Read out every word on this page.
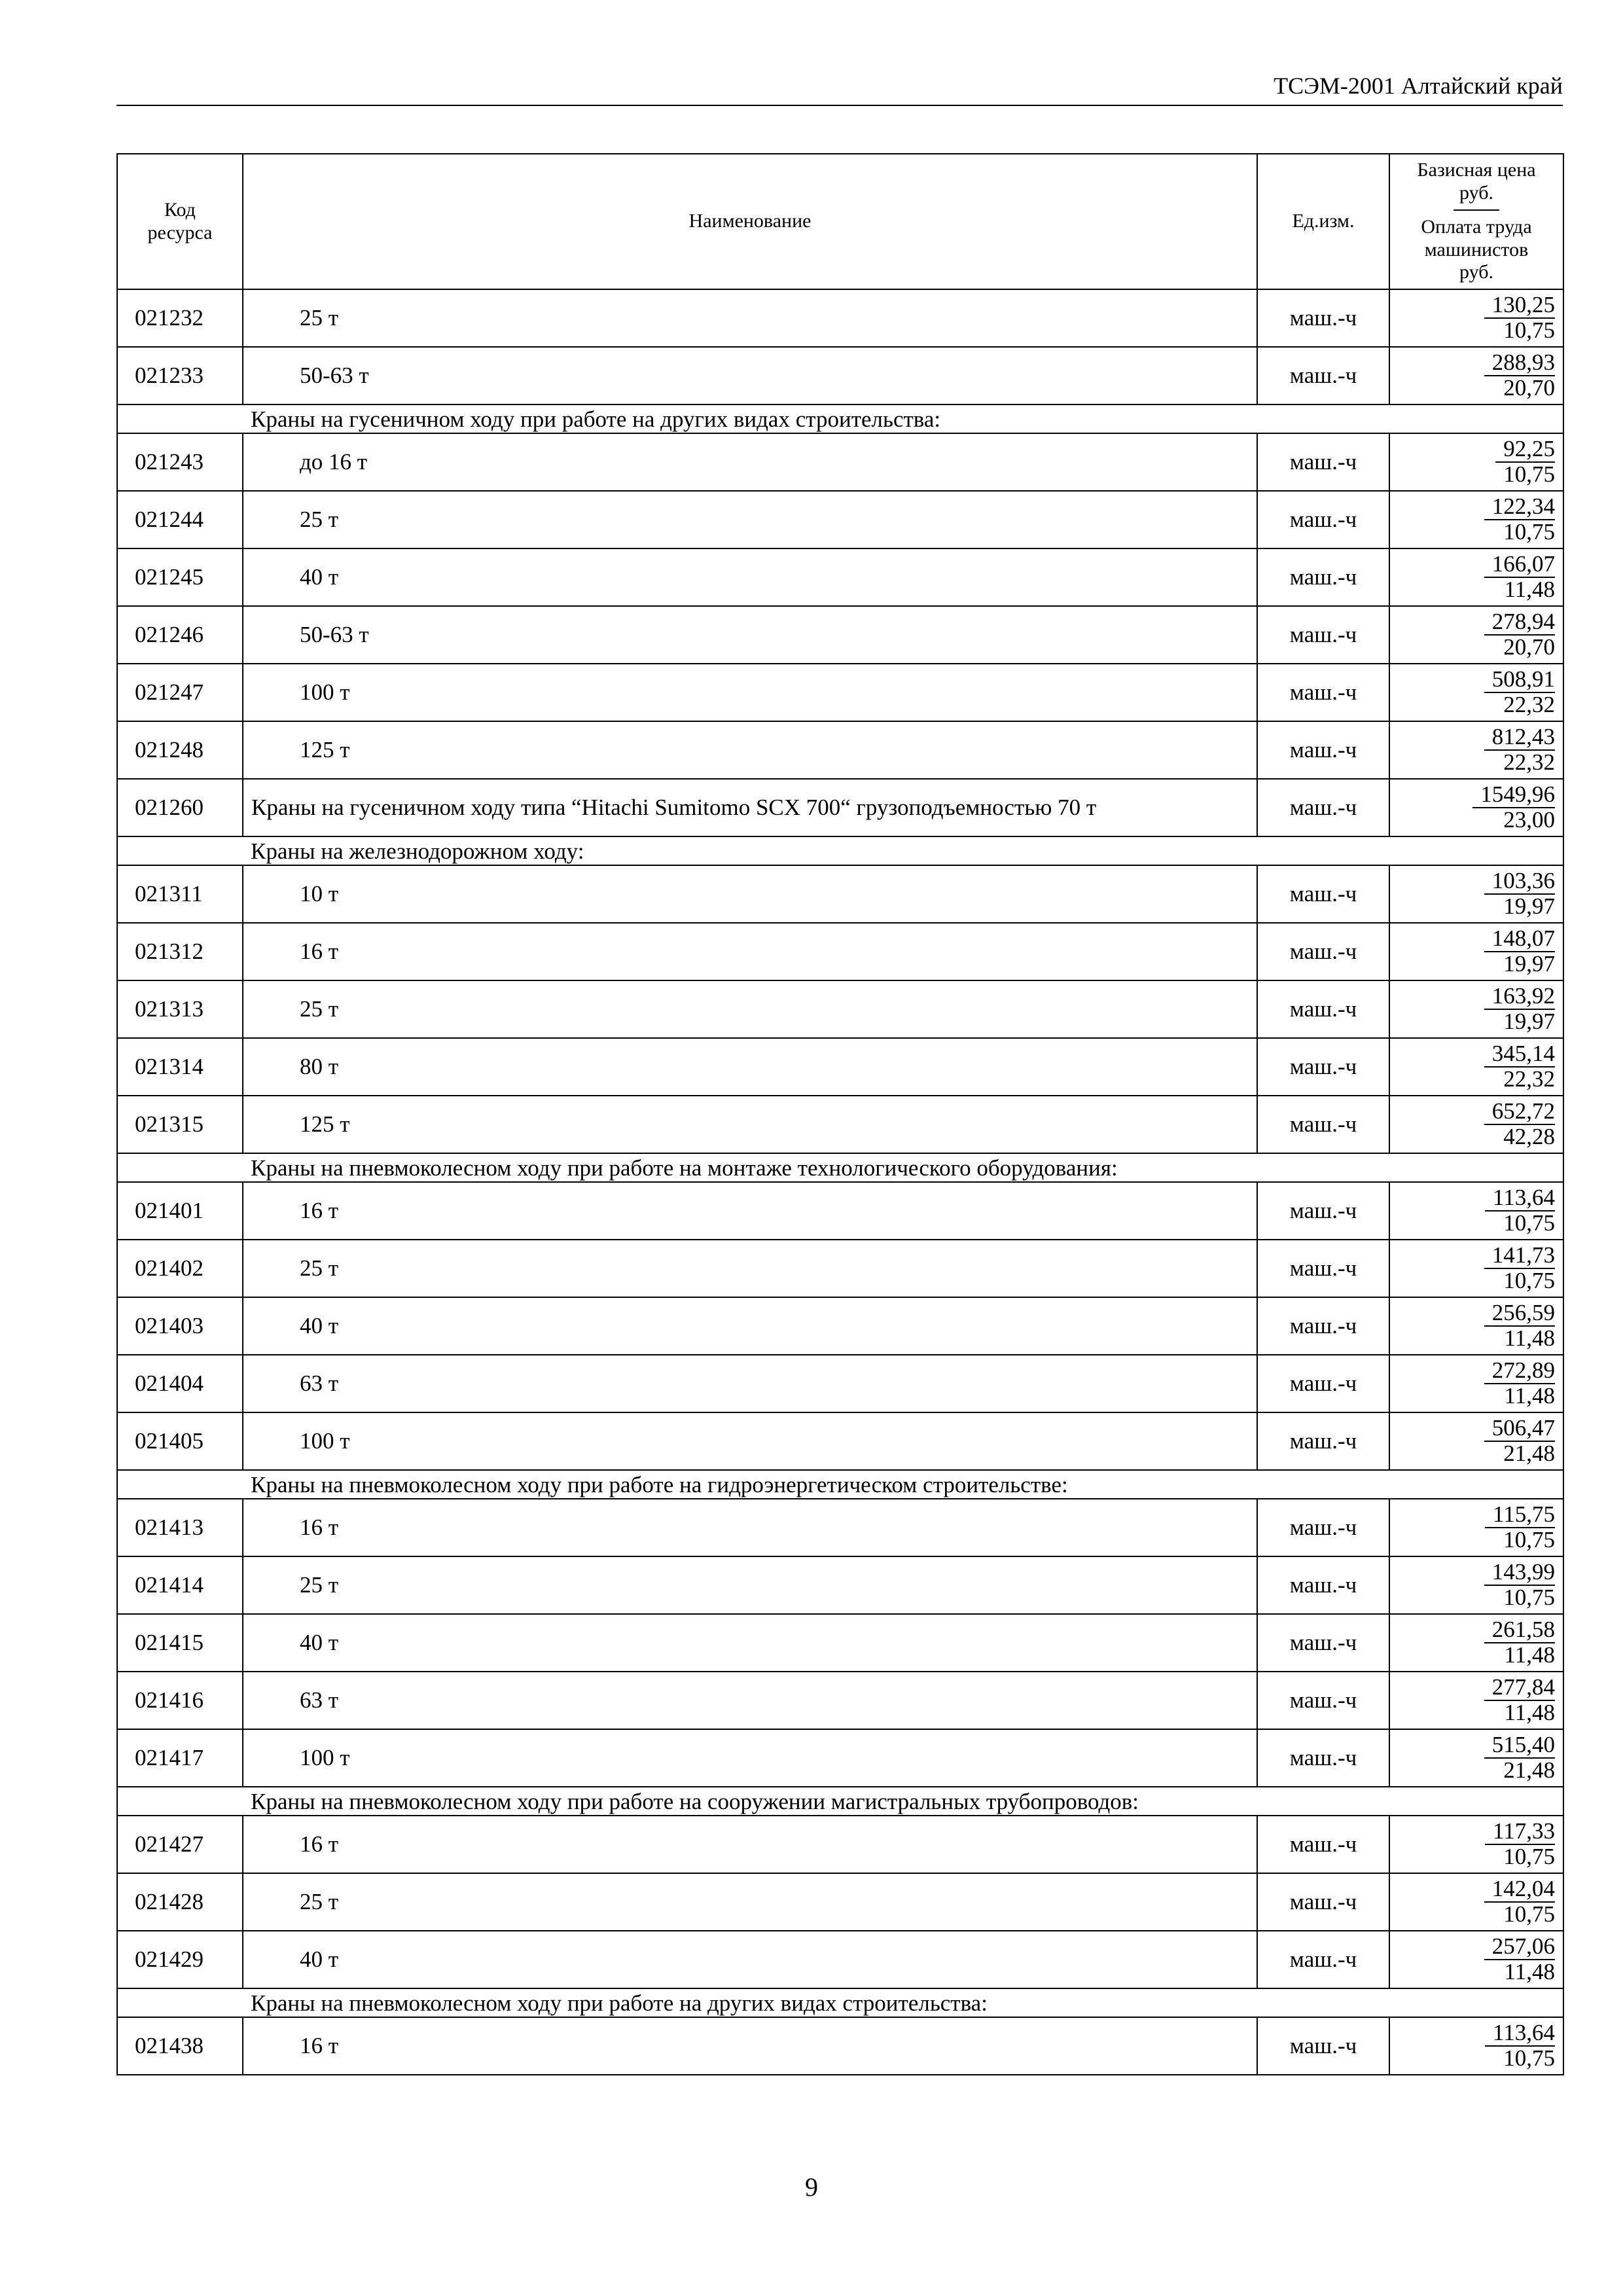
ТСЭМ-2001 Алтайский край
Код ресурса	Наименование	Ед.изм.	Базисная цена руб.
Оплата труда машинистов руб.

021232	25 т	маш.-ч	130,25
10,75

021233	50-63 т	маш.-ч	288,93
20,70

	Краны на гусеничном ходу при работе на других видах строительства:		
021243	до 16 т	маш.-ч	92,25
10,75

021244	25 т	маш.-ч	122,34
10,75

021245	40 т	маш.-ч	166,07
11,48

021246	50-63 т	маш.-ч	278,94
20,70

021247	100 т	маш.-ч	508,91
22,32

021248	125 т	маш.-ч	812,43
22,32

021260	Краны на гусеничном ходу типа “Hitachi Sumitomo SCX 700“ грузоподъемностью 70 т	маш.-ч	1549,96
23,00

	Краны на железнодорожном ходу:		
021311	10 т	маш.-ч	103,36
19,97

021312	16 т	маш.-ч	148,07
19,97

021313	25 т	маш.-ч	163,92
19,97

021314	80 т	маш.-ч	345,14
22,32

021315	125 т	маш.-ч	652,72
42,28

	Краны на пневмоколесном ходу при работе на монтаже технологического оборудования:		
021401	16 т	маш.-ч	113,64
10,75

021402	25 т	маш.-ч	141,73
10,75

021403	40 т	маш.-ч	256,59
11,48

021404	63 т	маш.-ч	272,89
11,48

021405	100 т	маш.-ч	506,47
21,48

	Краны на пневмоколесном ходу при работе на гидроэнергетическом строительстве:		
021413	16 т	маш.-ч	115,75
10,75

021414	25 т	маш.-ч	143,99
10,75

021415	40 т	маш.-ч	261,58
11,48

021416	63 т	маш.-ч	277,84
11,48

021417	100 т	маш.-ч	515,40
21,48

	Краны на пневмоколесном ходу при работе на сооружении магистральных трубопроводов:		
021427	16 т	маш.-ч	117,33
10,75

021428	25 т	маш.-ч	142,04
10,75

021429	40 т	маш.-ч	257,06
11,48

	Краны на пневмоколесном ходу при работе на других видах строительства:		
021438	16 т	маш.-ч	113,64
10,75
9
